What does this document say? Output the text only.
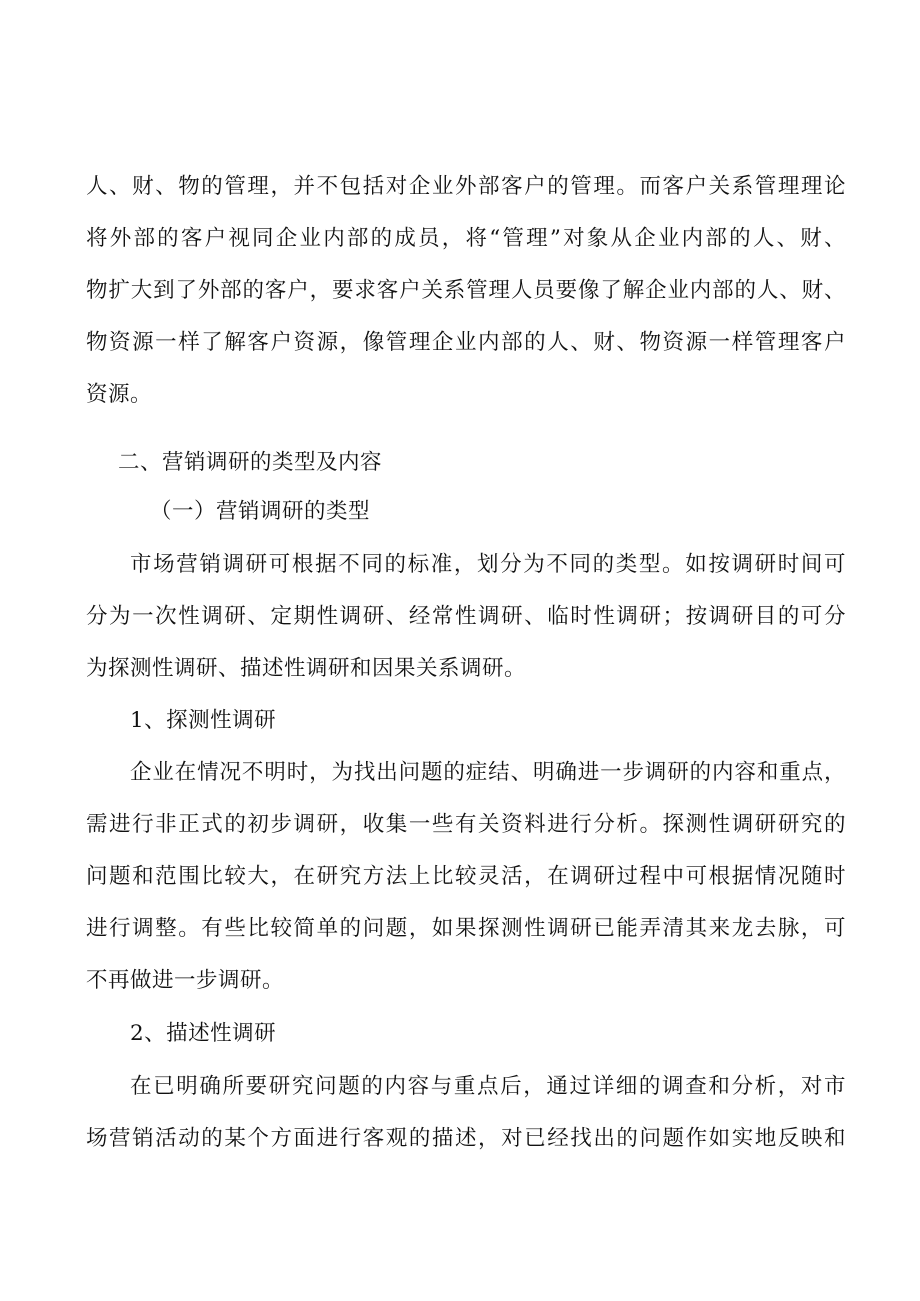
人、财、物的管理，并不包括对企业外部客户的管理。而客户关系管理理论
将外部的客户视同企业内部的成员，将“管理”对象从企业内部的人、财、
物扩大到了外部的客户，要求客户关系管理人员要像了解企业内部的人、财、
物资源一样了解客户资源，像管理企业内部的人、财、物资源一样管理客户
资源。
二、营销调研的类型及内容
（一）营销调研的类型
市场营销调研可根据不同的标准，划分为不同的类型。如按调研时间可
分为一次性调研、定期性调研、经常性调研、临时性调研；按调研目的可分
为探测性调研、描述性调研和因果关系调研。
1、探测性调研
企业在情况不明时，为找出问题的症结、明确进一步调研的内容和重点，
需进行非正式的初步调研，收集一些有关资料进行分析。探测性调研研究的
问题和范围比较大，在研究方法上比较灵活，在调研过程中可根据情况随时
进行调整。有些比较简单的问题，如果探测性调研已能弄清其来龙去脉，可
不再做进一步调研。
2、描述性调研
在已明确所要研究问题的内容与重点后，通过详细的调查和分析，对市
场营销活动的某个方面进行客观的描述，对已经找出的问题作如实地反映和
